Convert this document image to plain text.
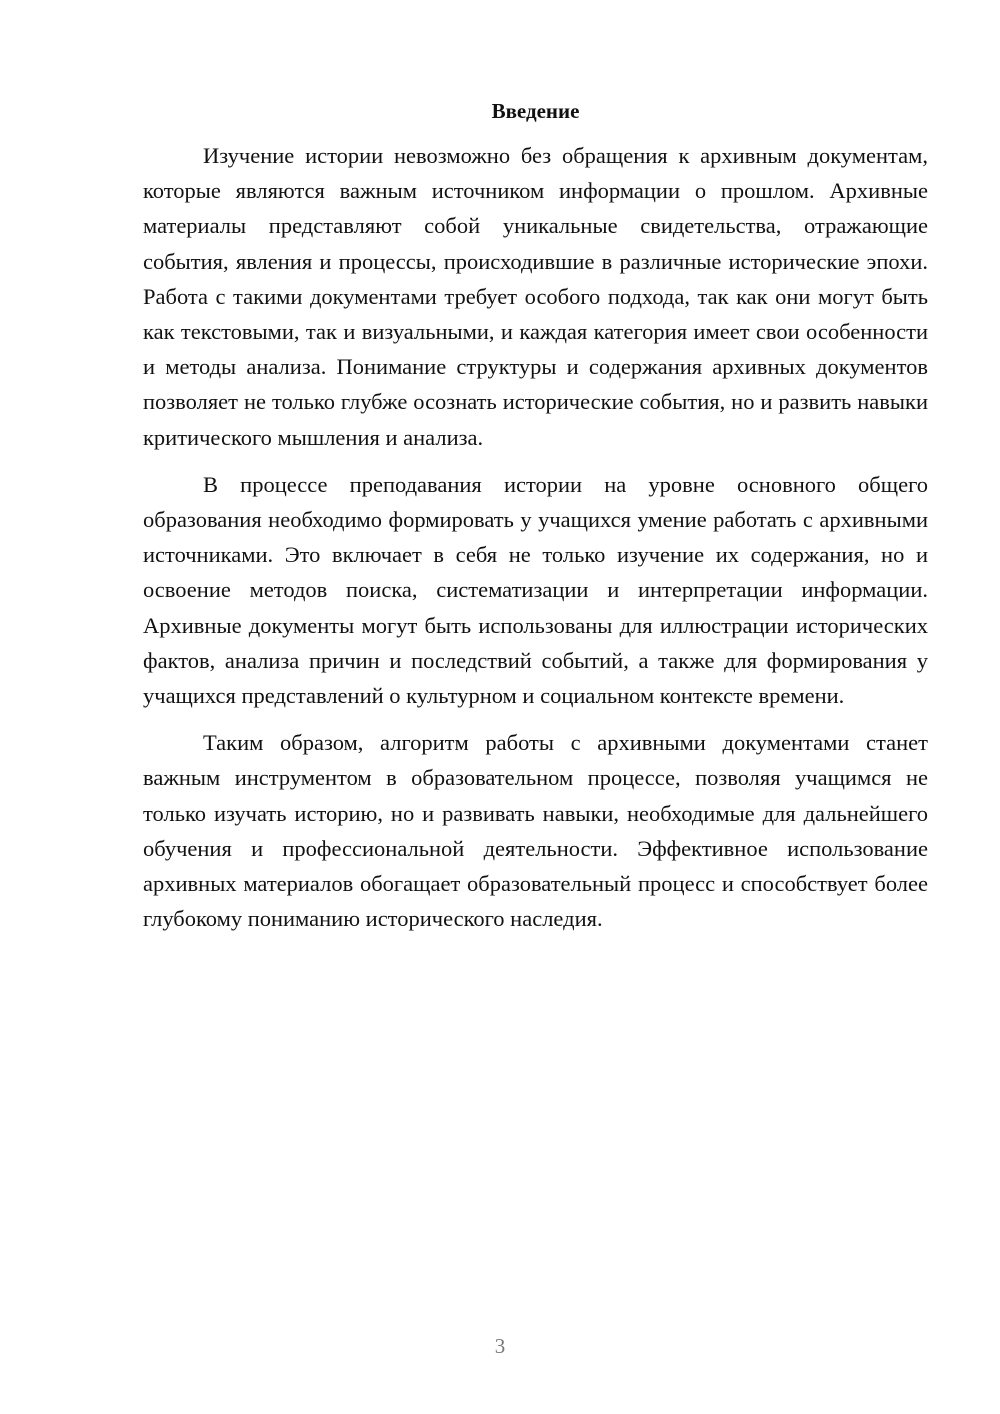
Введение

Изучение истории невозможно без обращения к архивным документам, которые являются важным источником информации о прошлом. Архивные материалы представляют собой уникальные свидетельства, отражающие события, явления и процессы, происходившие в различные исторические эпохи. Работа с такими документами требует особого подхода, так как они могут быть как текстовыми, так и визуальными, и каждая категория имеет свои особенности и методы анализа. Понимание структуры и содержания архивных документов позволяет не только глубже осознать исторические события, но и развить навыки критического мышления и анализа.

В процессе преподавания истории на уровне основного общего образования необходимо формировать у учащихся умение работать с архивными источниками. Это включает в себя не только изучение их содержания, но и освоение методов поиска, систематизации и интерпретации информации. Архивные документы могут быть использованы для иллюстрации исторических фактов, анализа причин и последствий событий, а также для формирования у учащихся представлений о культурном и социальном контексте времени.

Таким образом, алгоритм работы с архивными документами станет важным инструментом в образовательном процессе, позволяя учащимся не только изучать историю, но и развивать навыки, необходимые для дальнейшего обучения и профессиональной деятельности. Эффективное использование архивных материалов обогащает образовательный процесс и способствует более глубокому пониманию исторического наследия.

3
